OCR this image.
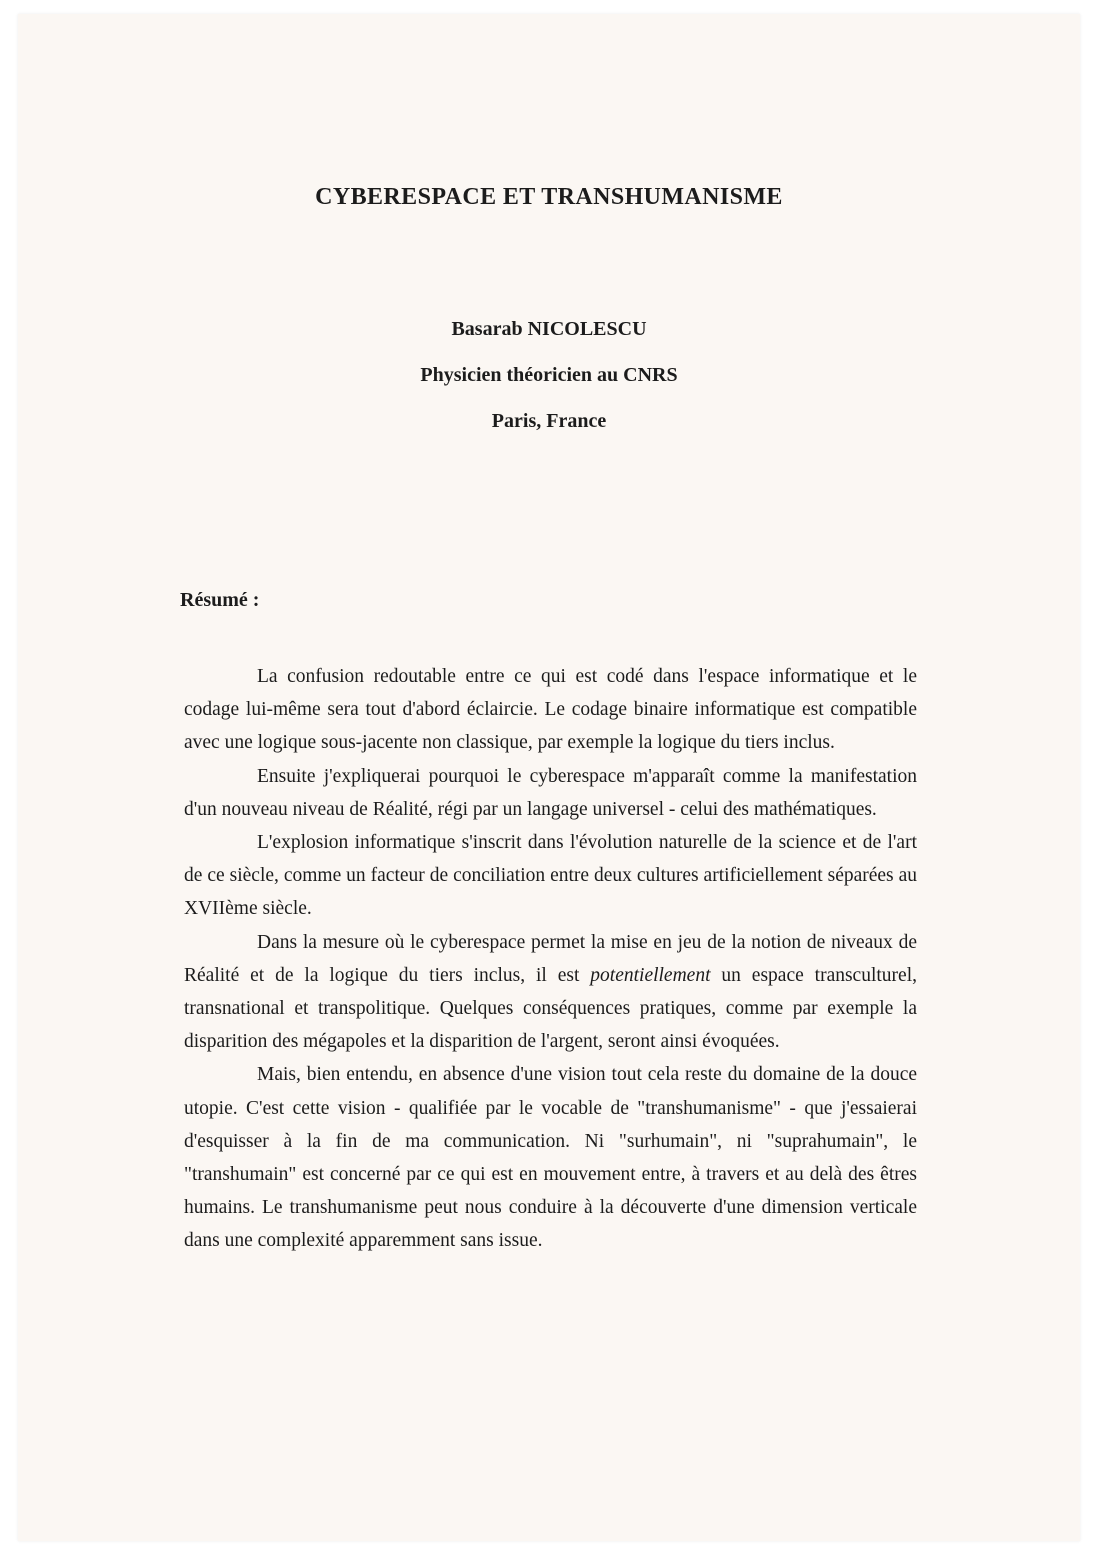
CYBERESPACE ET TRANSHUMANISME
Basarab NICOLESCU
Physicien théoricien au CNRS
Paris, France
Résumé :

La confusion redoutable entre ce qui est codé dans l'espace informatique et le codage lui-même sera tout d'abord éclaircie. Le codage binaire informatique est compatible avec une logique sous-jacente non classique, par exemple la logique du tiers inclus.

Ensuite j'expliquerai pourquoi le cyberespace m'apparaît comme la manifestation d'un nouveau niveau de Réalité, régi par un langage universel - celui des mathématiques.

L'explosion informatique s'inscrit dans l'évolution naturelle de la science et de l'art de ce siècle, comme un facteur de conciliation entre deux cultures artificiellement séparées au XVIIème siècle.

Dans la mesure où le cyberespace permet la mise en jeu de la notion de niveaux de Réalité et de la logique du tiers inclus, il est potentiellement un espace transculturel, transnational et transpolitique. Quelques conséquences pratiques, comme par exemple la disparition des mégapoles et la disparition de l'argent, seront ainsi évoquées.

Mais, bien entendu, en absence d'une vision tout cela reste du domaine de la douce utopie. C'est cette vision - qualifiée par le vocable de "transhumanisme" - que j'essaierai d'esquisser à la fin de ma communication. Ni "surhumain", ni "suprahumain", le "transhumain" est concerné par ce qui est en mouvement entre, à travers et au delà des êtres humains. Le transhumanisme peut nous conduire à la découverte d'une dimension verticale dans une complexité apparemment sans issue.
